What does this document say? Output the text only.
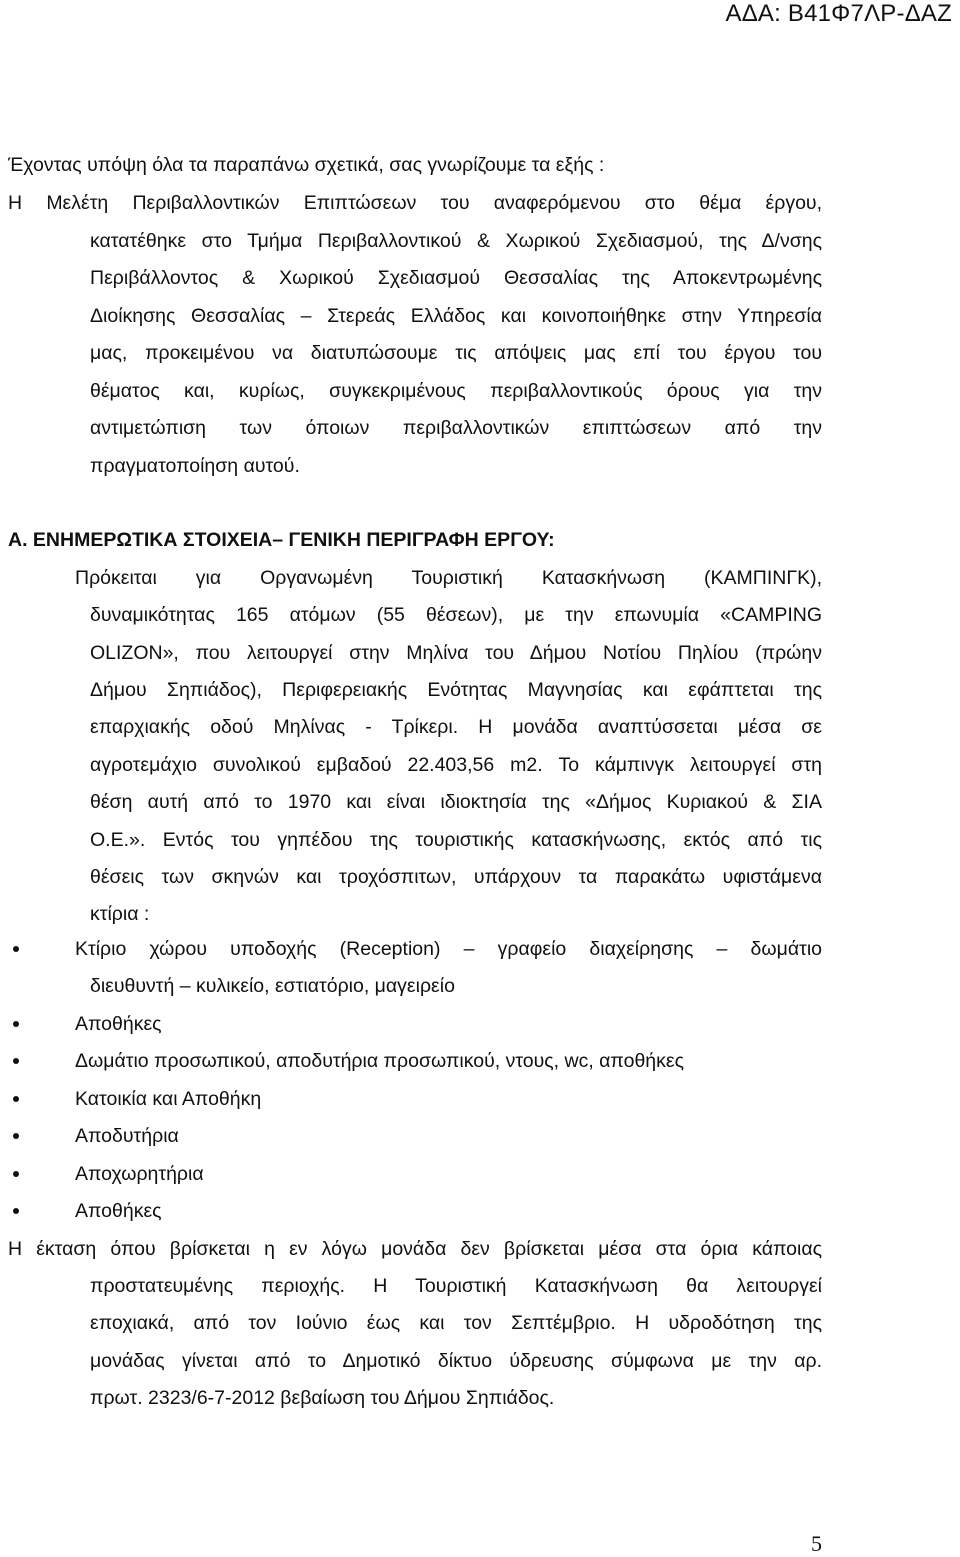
ΑΔΑ: Β41Φ7ΛΡ-ΔΑΖ
Έχοντας υπόψη όλα τα παραπάνω σχετικά, σας γνωρίζουμε τα εξής :
Η Μελέτη Περιβαλλοντικών Επιπτώσεων του αναφερόμενου στο θέμα έργου,
κατατέθηκε στο Τμήμα Περιβαλλοντικού & Χωρικού Σχεδιασμού, της Δ/νσης
Περιβάλλοντος & Χωρικού Σχεδιασμού Θεσσαλίας της Αποκεντρωμένης
Διοίκησης Θεσσαλίας – Στερεάς Ελλάδος και κοινοποιήθηκε στην Υπηρεσία
μας, προκειμένου να διατυπώσουμε τις απόψεις μας επί του έργου του
θέματος και, κυρίως, συγκεκριμένους περιβαλλοντικούς όρους για την
αντιμετώπιση των όποιων περιβαλλοντικών επιπτώσεων από την
πραγματοποίηση αυτού.
Α. ΕΝΗΜΕΡΩΤΙΚΑ ΣΤΟΙΧΕΙΑ– ΓΕΝΙΚΗ ΠΕΡΙΓΡΑΦΗ ΕΡΓΟΥ:
Πρόκειται για Οργανωμένη Τουριστική Κατασκήνωση (ΚΑΜΠΙΝΓΚ),
δυναμικότητας 165 ατόμων (55 θέσεων), με την επωνυμία «CAMPING
OLIZON», που λειτουργεί στην Μηλίνα του Δήμου Νοτίου Πηλίου (πρώην
Δήμου Σηπιάδος), Περιφερειακής Ενότητας Μαγνησίας και εφάπτεται της
επαρχιακής οδού Μηλίνας - Τρίκερι. Η μονάδα αναπτύσσεται μέσα σε
αγροτεμάχιο συνολικού εμβαδού 22.403,56 m2. Το κάμπινγκ λειτουργεί στη
θέση αυτή από το 1970 και είναι ιδιοκτησία της «Δήμος Κυριακού & ΣΙΑ
Ο.Ε.». Εντός του γηπέδου της τουριστικής κατασκήνωσης, εκτός από τις
θέσεις των σκηνών και τροχόσπιτων, υπάρχουν τα παρακάτω υφιστάμενα
κτίρια :
Κτίριο χώρου υποδοχής (Reception) – γραφείο διαχείρησης – δωμάτιο
διευθυντή – κυλικείο, εστιατόριο, μαγειρείο
Αποθήκες
Δωμάτιο προσωπικού, αποδυτήρια προσωπικού, ντους, wc, αποθήκες
Κατοικία και Αποθήκη
Αποδυτήρια
Αποχωρητήρια
Αποθήκες
Η έκταση όπου βρίσκεται η εν λόγω μονάδα δεν βρίσκεται μέσα στα όρια κάποιας
προστατευμένης περιοχής. Η Τουριστική Κατασκήνωση θα λειτουργεί
εποχιακά, από τον Ιούνιο έως και τον Σεπτέμβριο. Η υδροδότηση της
μονάδας γίνεται από το Δημοτικό δίκτυο ύδρευσης σύμφωνα με την αρ.
πρωτ. 2323/6-7-2012 βεβαίωση του Δήμου Σηπιάδος.
5
